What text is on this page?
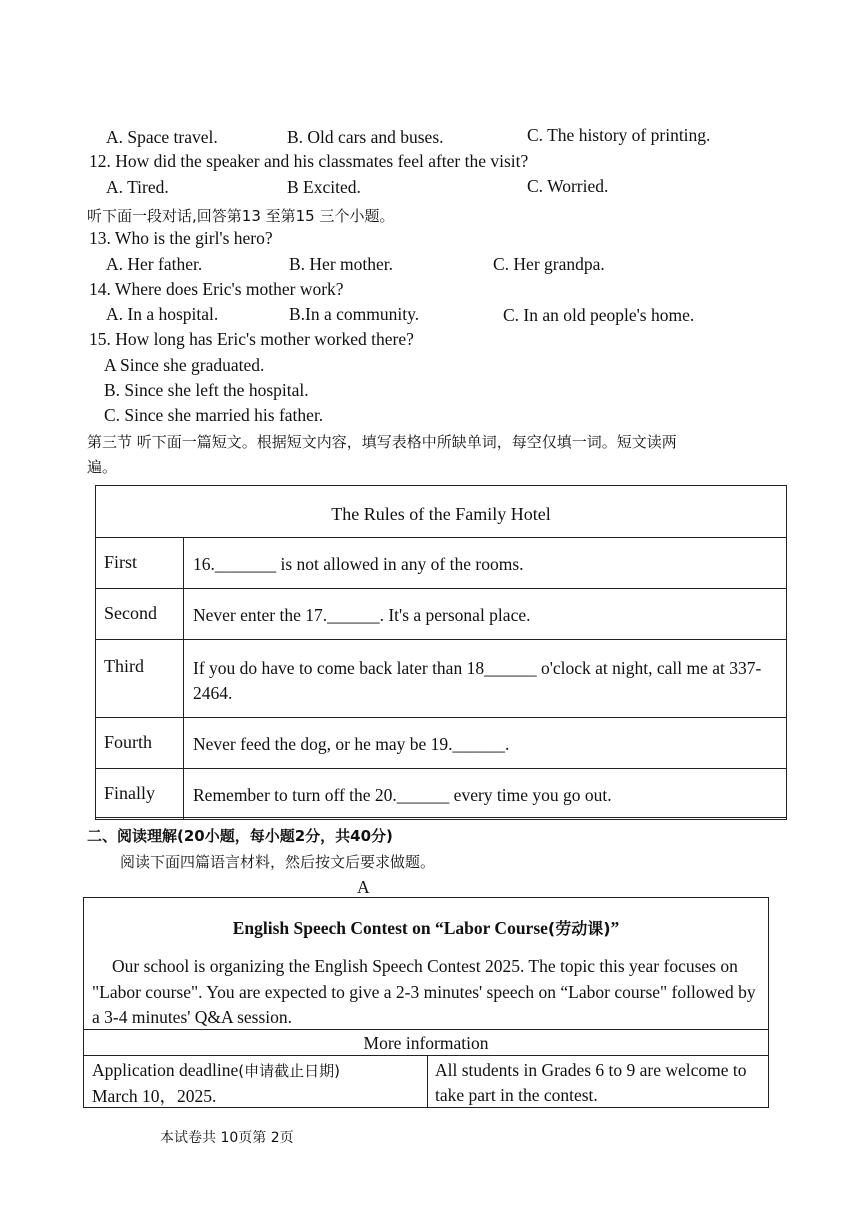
A. Space travel.	B. Old cars and buses.	C. The history of printing.
12. How did the speaker and his classmates feel after the visit?
A. Tired.	B Excited.	C. Worried.
听下面一段对话,回答第13 至第15 三个小题。
13. Who is the girl's hero?
A. Her father.	B. Her mother.	C. Her grandpa.
14. Where does Eric's mother work?
A. In a hospital.	B.In a community.	C. In an old people's home.
15. How long has Eric's mother worked there?
A Since she graduated.
B. Since she left the hospital.
C. Since she married his father.
第三节 听下面一篇短文。根据短文内容，填写表格中所缺单词，每空仅填一词。短文读两
遍。
The Rules of the Family Hotel
First	16._______ is not allowed in any of the rooms.
Second Never enter the 17.______. It's a personal place.
Third	If you do have to come back later than 18______ o'clock at night, call me at 337-2464.
Fourth Never feed the dog, or he may be 19.______.
Finally Remember to turn off the 20.______ every time you go out.
二、阅读理解(20小题，每小题2分，共40分)
阅读下面四篇语言材料，然后按文后要求做题。
A
English Speech Contest on “Labor Course(劳动课)”
Our school is organizing the English Speech Contest 2025. The topic this year focuses on "Labor course". You are expected to give a 2-3 minutes' speech on “Labor course" followed by a 3-4 minutes' Q&A session.
More information
Application deadline(申请截止日期)
March 10，2025.
All students in Grades 6 to 9 are welcome to take part in the contest.
本试卷共 10页第 2页
